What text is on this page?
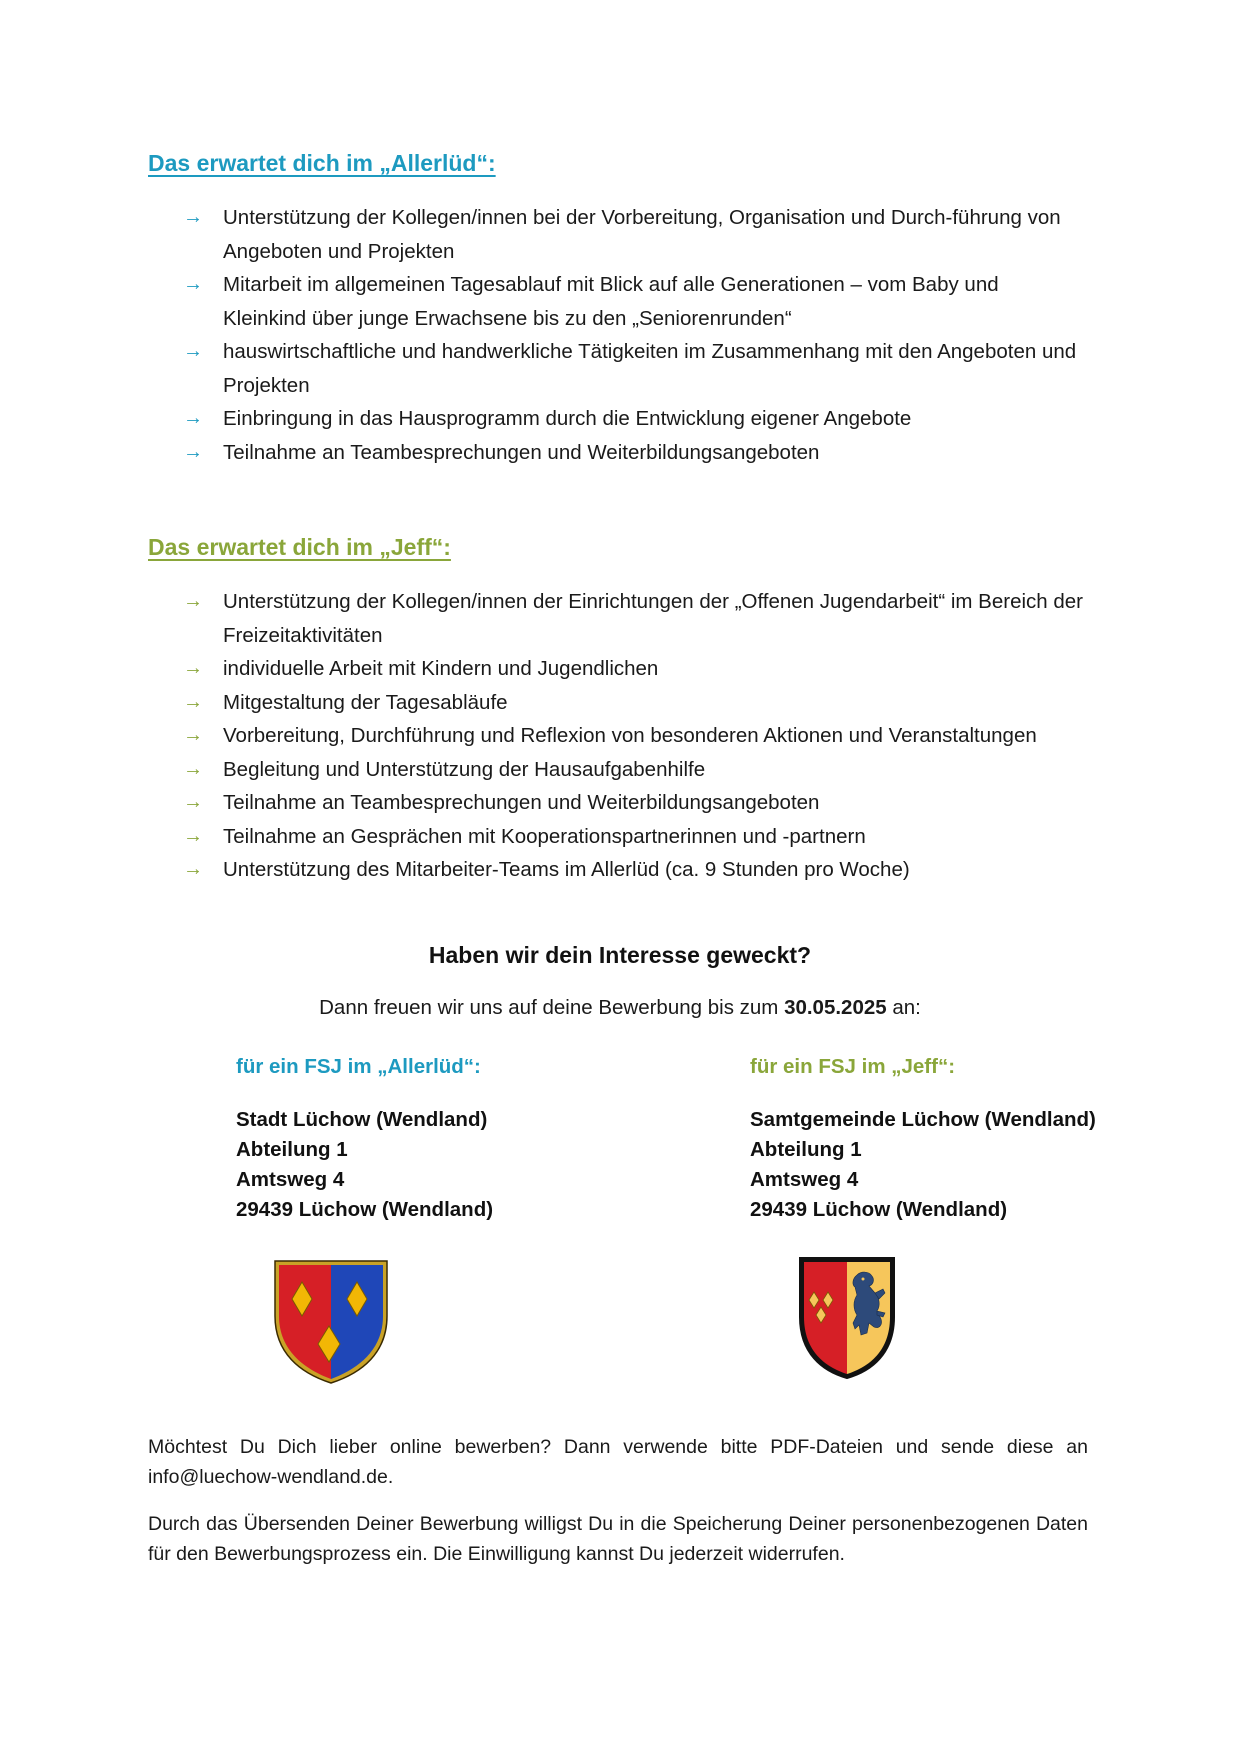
Das erwartet dich im „Allerlüd“:
→ Unterstützung der Kollegen/innen bei der Vorbereitung, Organisation und Durch-führung von Angeboten und Projekten
→ Mitarbeit im allgemeinen Tagesablauf mit Blick auf alle Generationen – vom Baby und Kleinkind über junge Erwachsene bis zu den „Seniorenrunden“
→ hauswirtschaftliche und handwerkliche Tätigkeiten im Zusammenhang mit den Angeboten und Projekten
→ Einbringung in das Hausprogramm durch die Entwicklung eigener Angebote
→ Teilnahme an Teambesprechungen und Weiterbildungsangeboten
Das erwartet dich im „Jeff“:
→ Unterstützung der Kollegen/innen der Einrichtungen der „Offenen Jugendarbeit“ im Bereich der Freizeitaktivitäten
→ individuelle Arbeit mit Kindern und Jugendlichen
→ Mitgestaltung der Tagesabläufe
→ Vorbereitung, Durchführung und Reflexion von besonderen Aktionen und Veranstaltungen
→ Begleitung und Unterstützung der Hausaufgabenhilfe
→ Teilnahme an Teambesprechungen und Weiterbildungsangeboten
→ Teilnahme an Gesprächen mit Kooperationspartnerinnen und -partnern
→ Unterstützung des Mitarbeiter-Teams im Allerlüd (ca. 9 Stunden pro Woche)
Haben wir dein Interesse geweckt?

Dann freuen wir uns auf deine Bewerbung bis zum 30.05.2025 an:

für ein FSJ im „Allerlüd“:
Stadt Lüchow (Wendland)
Abteilung 1
Amtsweg 4
29439 Lüchow (Wendland)
für ein FSJ im „Jeff“:
Samtgemeinde Lüchow (Wendland)
Abteilung 1
Amtsweg 4
29439 Lüchow (Wendland)

Möchtest Du Dich lieber online bewerben? Dann verwende bitte PDF-Dateien und sende diese an info@luechow-wendland.de.

Durch das Übersenden Deiner Bewerbung willigst Du in die Speicherung Deiner personenbezogenen Daten für den Bewerbungsprozess ein. Die Einwilligung kannst Du jederzeit widerrufen.
